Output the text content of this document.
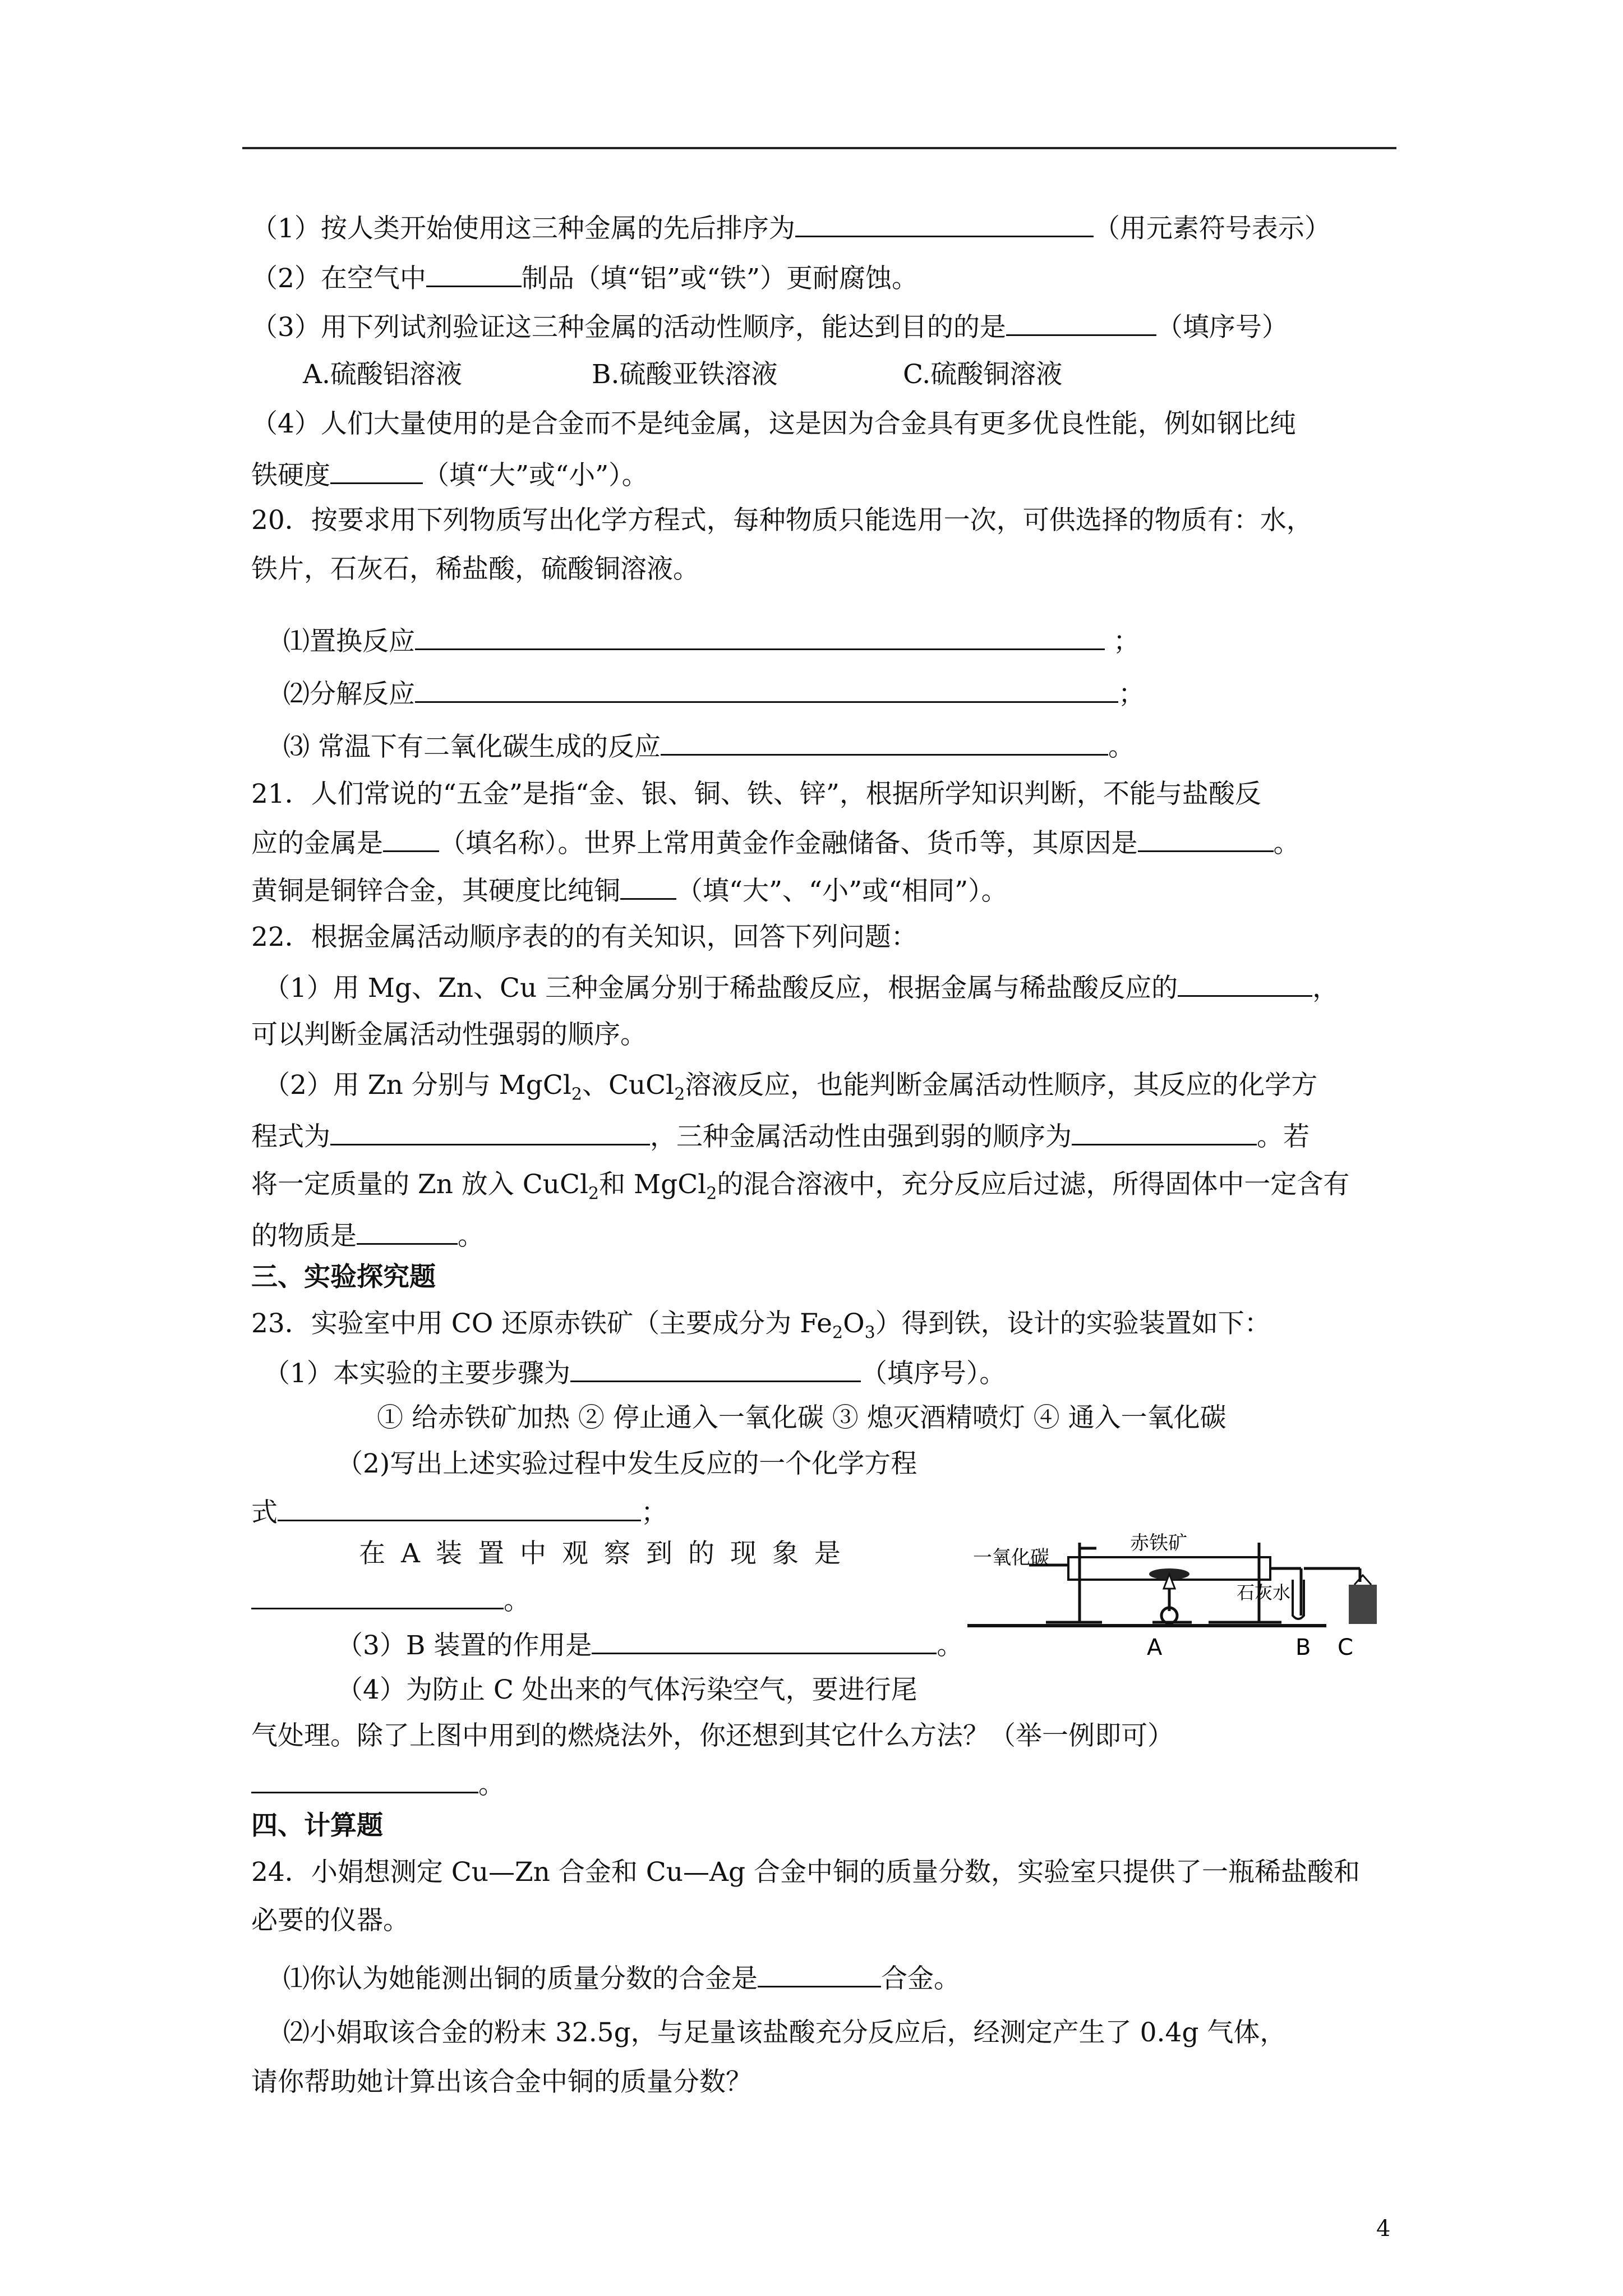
（1）按人类开始使用这三种金属的先后排序为	（用元素符号表示）
（2）在空气中	制品（填“铝”或“铁”）更耐腐蚀。
（3）用下列试剂验证这三种金属的活动性顺序，能达到目的的是	（填序号）
A.硫酸铝溶液	B.硫酸亚铁溶液	C.硫酸铜溶液
（4）人们大量使用的是合金而不是纯金属，这是因为合金具有更多优良性能，例如钢比纯
铁硬度	（填“大”或“小”）。
20．按要求用下列物质写出化学方程式，每种物质只能选用一次，可供选择的物质有：水，
铁片，石灰石，稀盐酸，硫酸铜溶液。
⑴置换反应	；
⑵分解反应	；
⑶ 常温下有二氧化碳生成的反应	。
21．人们常说的“五金”是指“金、银、铜、铁、锌”，根据所学知识判断，不能与盐酸反
应的金属是 （填名称）。世界上常用黄金作金融储备、货币等，其原因是	。
黄铜是铜锌合金，其硬度比纯铜 （填“大”、“小”或“相同”）。
22．根据金属活动顺序表的的有关知识，回答下列问题：
（1）用 Mg、Zn、Cu 三种金属分别于稀盐酸反应，根据金属与稀盐酸反应的	，
可以判断金属活动性强弱的顺序。
（2）用 Zn 分别与 MgCl$_2$、CuCl$_2$溶液反应，也能判断金属活动性顺序，其反应的化学方
程式为	，三种金属活动性由强到弱的顺序为	。若
将一定质量的 Zn 放入 CuCl$_2$和 MgCl$_2$的混合溶液中，充分反应后过滤，所得固体中一定含有
的物质是	。
三、实验探究题
23．实验室中用 CO 还原赤铁矿（主要成分为 $Fe_2O_3$）得到铁，设计的实验装置如下：
（1）本实验的主要步骤为	（填序号）。
① 给赤铁矿加热 ② 停止通入一氧化碳 ③ 熄灭酒精喷灯 ④ 通入一氧化碳
（2)写出上述实验过程中发生反应的一个化学方程
式	；
在A装置中观察到的现象是
。
（3）B 装置的作用是	。
（4）为防止 C 处出来的气体污染空气，要进行尾
气处理。除了上图中用到的燃烧法外，你还想到其它什么方法？（举一例即可）
。
一氧化碳
赤铁矿
石灰水
A	B C
四、计算题
24．小娟想测定 Cu—Zn 合金和 Cu—Ag 合金中铜的质量分数，实验室只提供了一瓶稀盐酸和
必要的仪器。
⑴你认为她能测出铜的质量分数的合金是	合金。
⑵小娟取该合金的粉末 32.5g，与足量该盐酸充分反应后，经测定产生了 0.4g 气体，
请你帮助她计算出该合金中铜的质量分数？
4
